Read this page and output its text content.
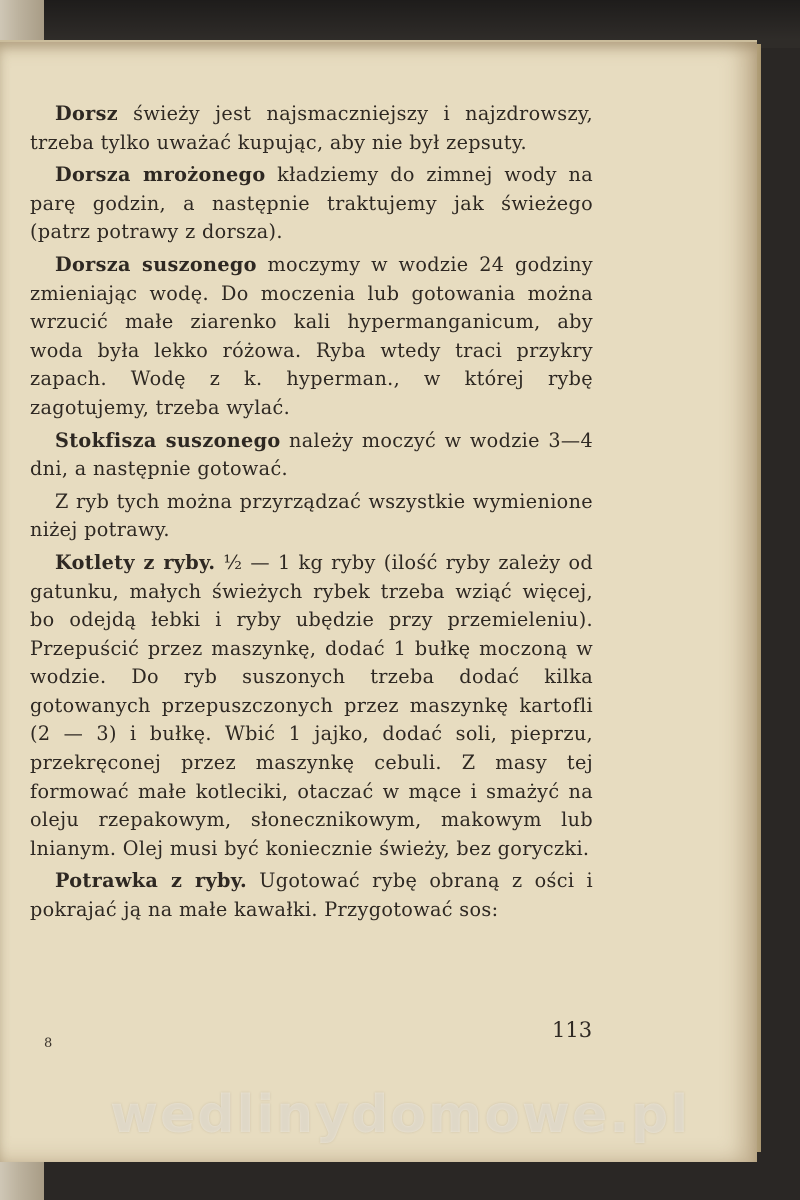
Dorsz świeży jest najsmaczniejszy i najzdrowszy, trzeba tylko uważać kupując, aby nie był zepsuty.

Dorsza mrożonego kładziemy do zimnej wody na parę godzin, a następnie traktujemy jak świeżego (patrz potrawy z dorsza).

Dorsza suszonego moczymy w wodzie 24 godziny zmieniając wodę. Do moczenia lub gotowania można wrzucić małe ziarenko kali hypermanganicum, aby woda była lekko różowa. Ryba wtedy traci przykry zapach. Wodę z k. hyperman., w której rybę zagotujemy, trzeba wylać.

Stokfisza suszonego należy moczyć w wodzie 3—4 dni, a następnie gotować.

Z ryb tych można przyrządzać wszystkie wymienione niżej potrawy.

Kotlety z ryby. ½ — 1 kg ryby (ilość ryby zależy od gatunku, małych świeżych rybek trzeba wziąć więcej, bo odejdą łebki i ryby ubędzie przy przemieleniu). Przepuścić przez maszynkę, dodać 1 bułkę moczoną w wodzie. Do ryb suszonych trzeba dodać kilka gotowanych przepuszczonych przez maszynkę kartofli (2 — 3) i bułkę. Wbić 1 jajko, dodać soli, pieprzu, przekręconej przez maszynkę cebuli. Z masy tej formować małe kotleciki, otaczać w mące i smażyć na oleju rzepakowym, słonecznikowym, makowym lub lnianym. Olej musi być koniecznie świeży, bez goryczki.

Potrawka z ryby. Ugotować rybę obraną z ości i pokrajać ją na małe kawałki. Przygotować sos:

8
113
wedlinydomowe.pl
